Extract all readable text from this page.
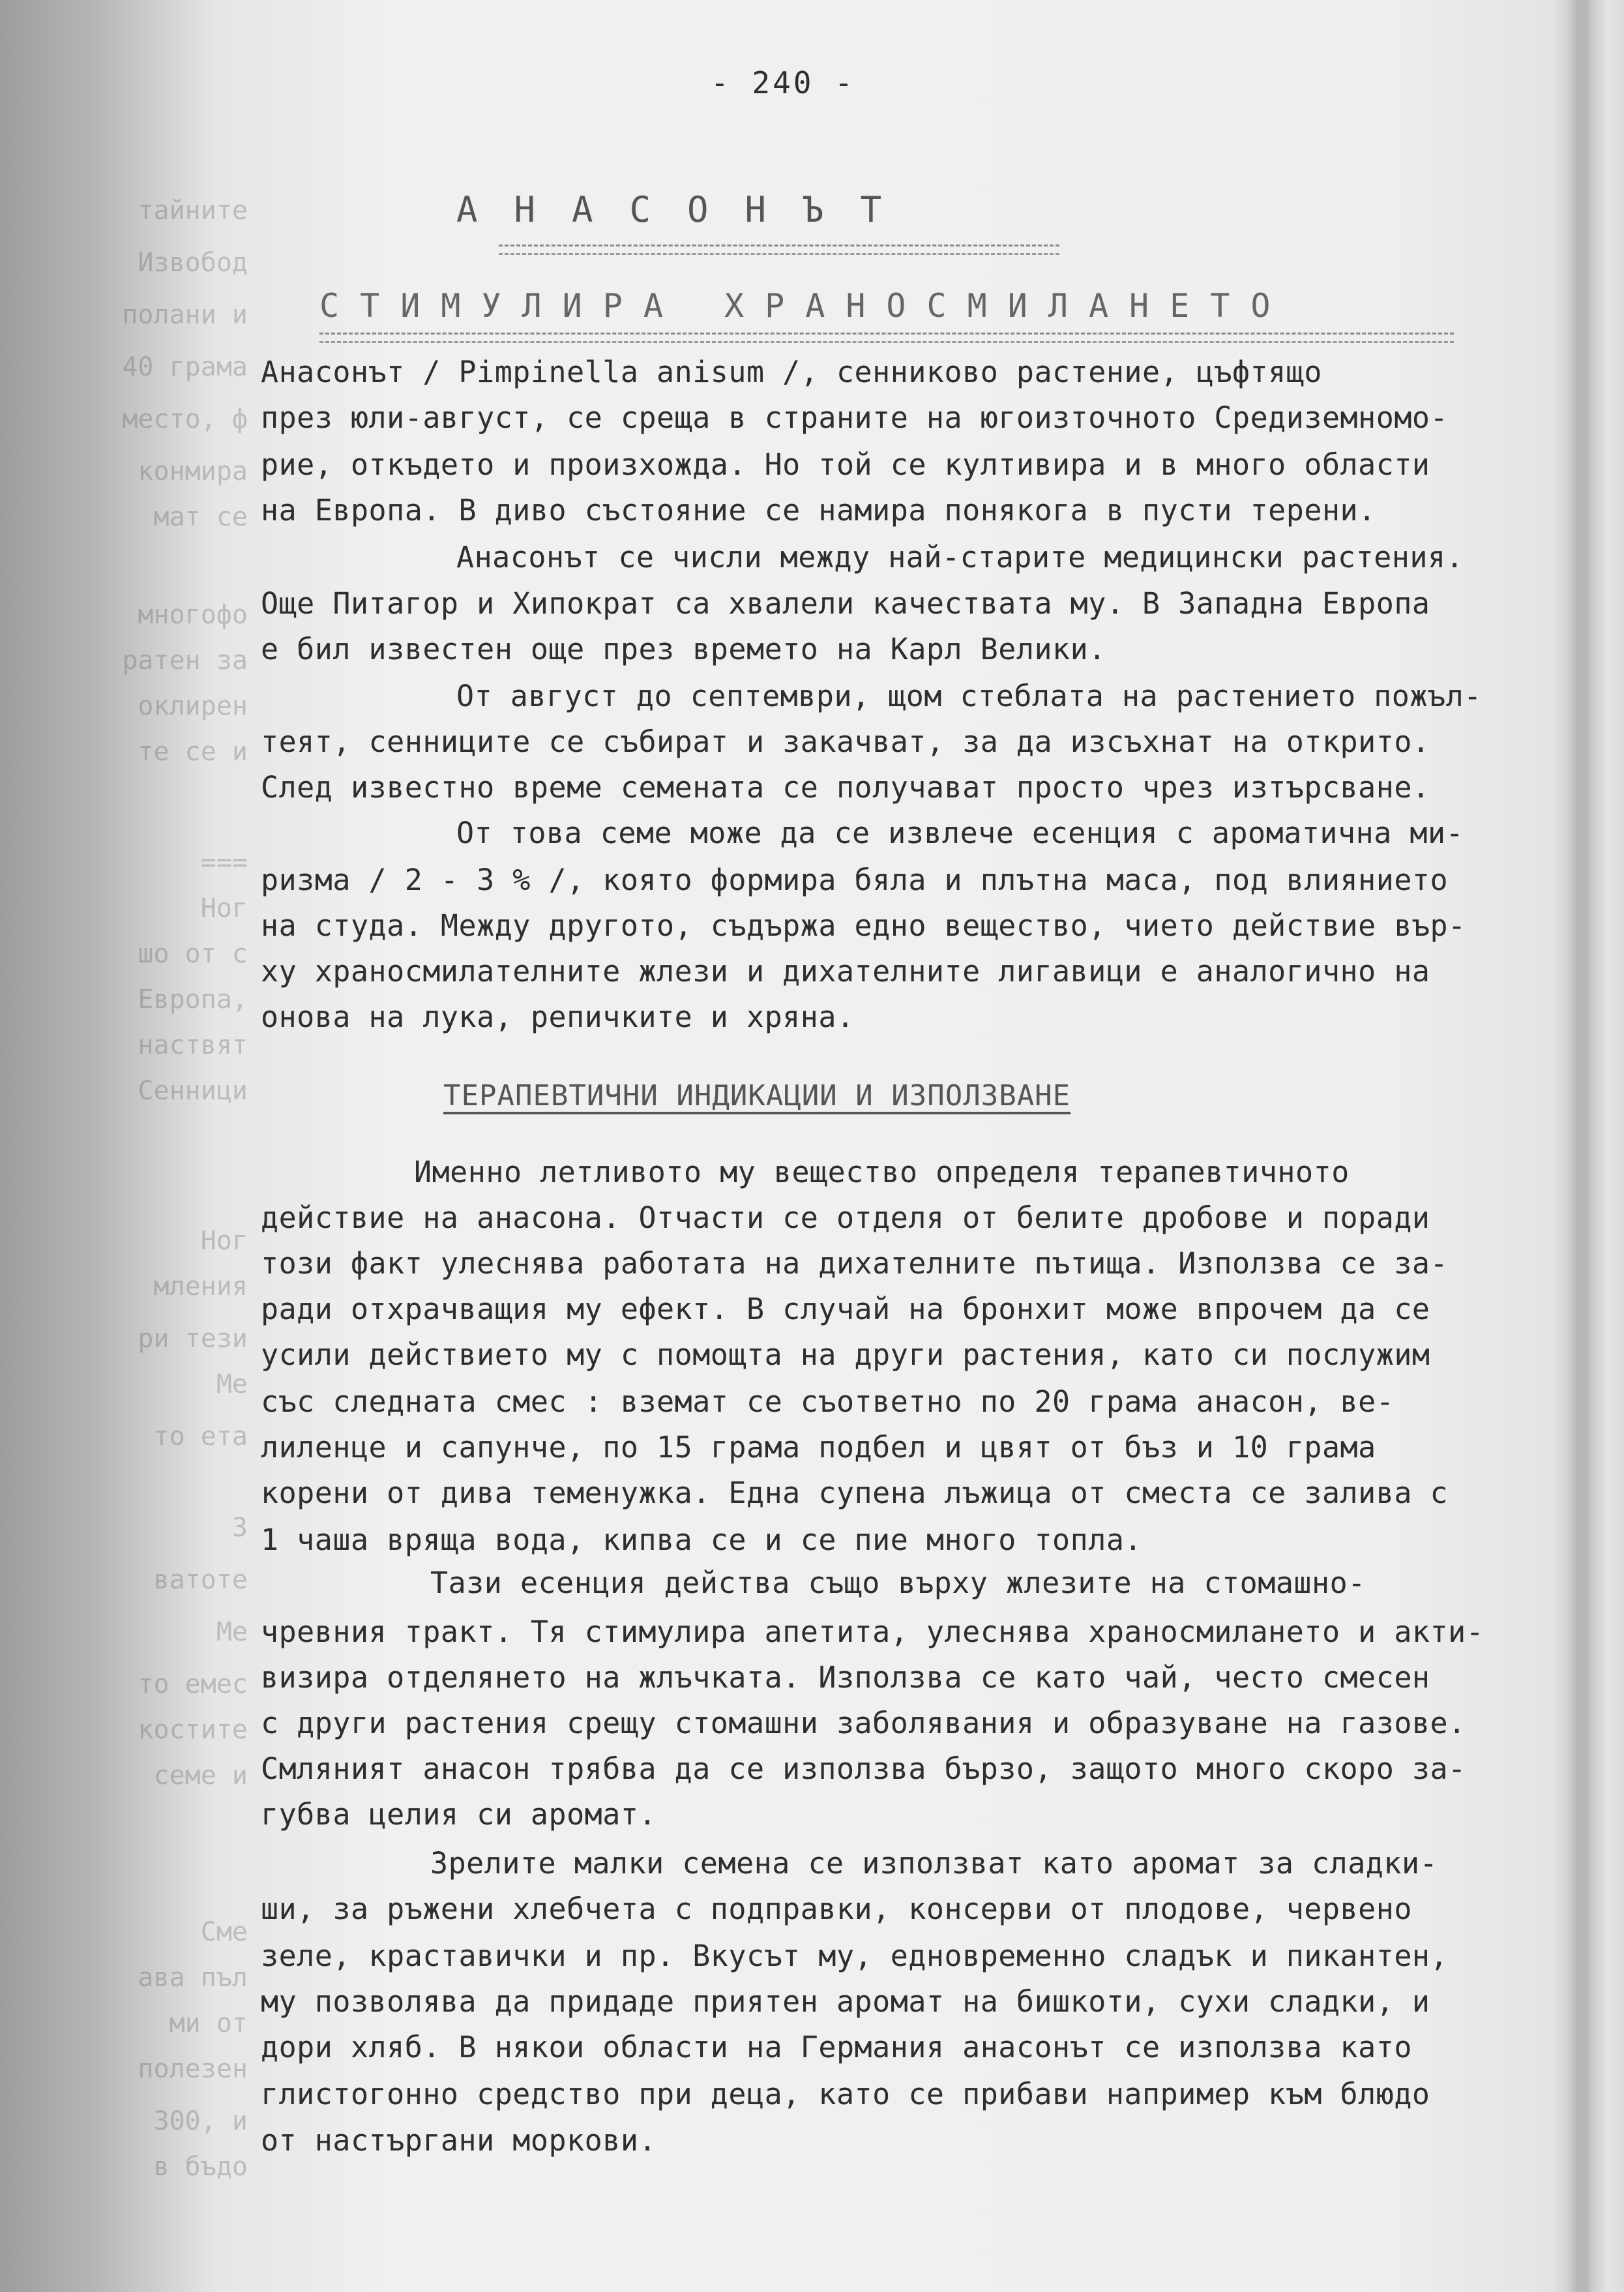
тайните
Извобод
полани и
40 грама
место, ф
конмира
мат се
многофо
ратен за
оклирен
те се и
===
Ног
шо от с
Европа,
наствят
Сенници
Ног
мления
ри тези
Ме
то ета
З
ватоте
Ме
то емес
костите
семе и
Сме
ава пъл
ми от
полезен
300, и
в бъдо
- 240 -
АНАСОНЪТ
СТИМУЛИРА ХРАНОСМИЛАНЕТО
Анасонът / Pimpinella anisum /, сенниково растение, цъфтящо
през юли-август, се среща в страните на югоизточното Средиземномо-
рие, откъдето и произхожда. Но той се култивира и в много области
на Европа. В диво състояние се намира понякога в пусти терени.
Анасонът се числи между най-старите медицински растения.
Още Питагор и Хипократ са хвалели качествата му. В Западна Европа
е бил известен още през времето на Карл Велики.
От август до септември, щом стеблата на растението пожъл-
теят, сенниците се събират и закачват, за да изсъхнат на открито.
След известно време семената се получават просто чрез изтърсване.
От това семе може да се извлече есенция с ароматична ми-
ризма / 2 - 3 % /, която формира бяла и плътна маса, под влиянието
на студа. Между другото, съдържа едно вещество, чието действие вър-
ху храносмилателните жлези и дихателните лигавици е аналогично на
онова на лука, репичките и хряна.
Именно летливото му вещество определя терапевтичното
действие на анасона. Отчасти се отделя от белите дробове и поради
този факт улеснява работата на дихателните пътища. Използва се за-
ради отхрачващия му ефект. В случай на бронхит може впрочем да се
усили действието му с помощта на други растения, като си послужим
със следната смес : вземат се съответно по 20 грама анасон, ве-
лиленце и сапунче, по 15 грама подбел и цвят от бъз и 10 грама
корени от дива теменужка. Една супена лъжица от сместа се залива с
1 чаша вряща вода, кипва се и се пие много топла.
Тази есенция действа също върху жлезите на стомашно-
чревния тракт. Тя стимулира апетита, улеснява храносмилането и акти-
визира отделянето на жлъчката. Използва се като чай, често смесен
с други растения срещу стомашни заболявания и образуване на газове.
Смляният анасон трябва да се използва бързо, защото много скоро за-
губва целия си аромат.
Зрелите малки семена се използват като аромат за сладки-
ши, за ръжени хлебчета с подправки, консерви от плодове, червено
зеле, краставички и пр. Вкусът му, едновременно сладък и пикантен,
му позволява да придаде приятен аромат на бишкоти, сухи сладки, и
дори хляб. В някои области на Германия анасонът се използва като
глистогонно средство при деца, като се прибави например към блюдо
от настъргани моркови.
ТЕРАПЕВТИЧНИ ИНДИКАЦИИ И ИЗПОЛЗВАНЕ
